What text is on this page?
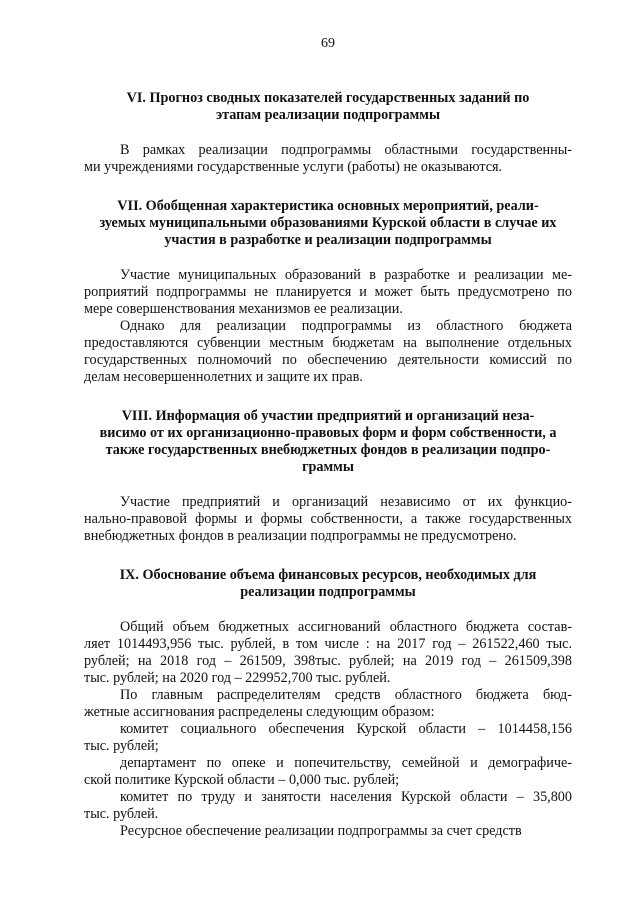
69
VI. Прогноз сводных показателей государственных заданий по
этапам реализации подпрограммы
В рамках реализации подпрограммы областными государственны-
ми учреждениями государственные услуги (работы) не оказываются.
VII. Обобщенная характеристика основных мероприятий, реали-
зуемых муниципальными образованиями Курской области в случае их
участия в разработке и реализации подпрограммы
Участие муниципальных образований в разработке и реализации ме-
роприятий подпрограммы не планируется и может быть предусмотрено по
мере совершенствования механизмов ее реализации.
Однако для реализации подпрограммы из областного бюджета
предоставляются субвенции местным бюджетам на выполнение отдельных
государственных полномочий по обеспечению деятельности комиссий по
делам несовершеннолетних и защите их прав.
VIII. Информация об участии предприятий и организаций неза-
висимо от их организационно-правовых форм и форм собственности, а
также государственных внебюджетных фондов в реализации подпро-
граммы
Участие предприятий и организаций независимо от их функцио-
нально-правовой формы и формы собственности, а также государственных
внебюджетных фондов в реализации подпрограммы не предусмотрено.
IX. Обоснование объема финансовых ресурсов, необходимых для
реализации подпрограммы
Общий объем бюджетных ассигнований областного бюджета состав-
ляет 1014493,956 тыс. рублей, в том числе : на 2017 год – 261522,460 тыс.
рублей; на 2018 год – 261509, 398тыс. рублей; на 2019 год – 261509,398
тыс. рублей; на 2020 год – 229952,700 тыс. рублей.
По главным распределителям средств областного бюджета бюд-
жетные ассигнования распределены следующим образом:
комитет социального обеспечения Курской области – 1014458,156
тыс. рублей;
департамент по опеке и попечительству, семейной и демографиче-
ской политике Курской области – 0,000 тыс. рублей;
комитет по труду и занятости населения Курской области – 35,800
тыс. рублей.
Ресурсное обеспечение реализации подпрограммы за счет средств
